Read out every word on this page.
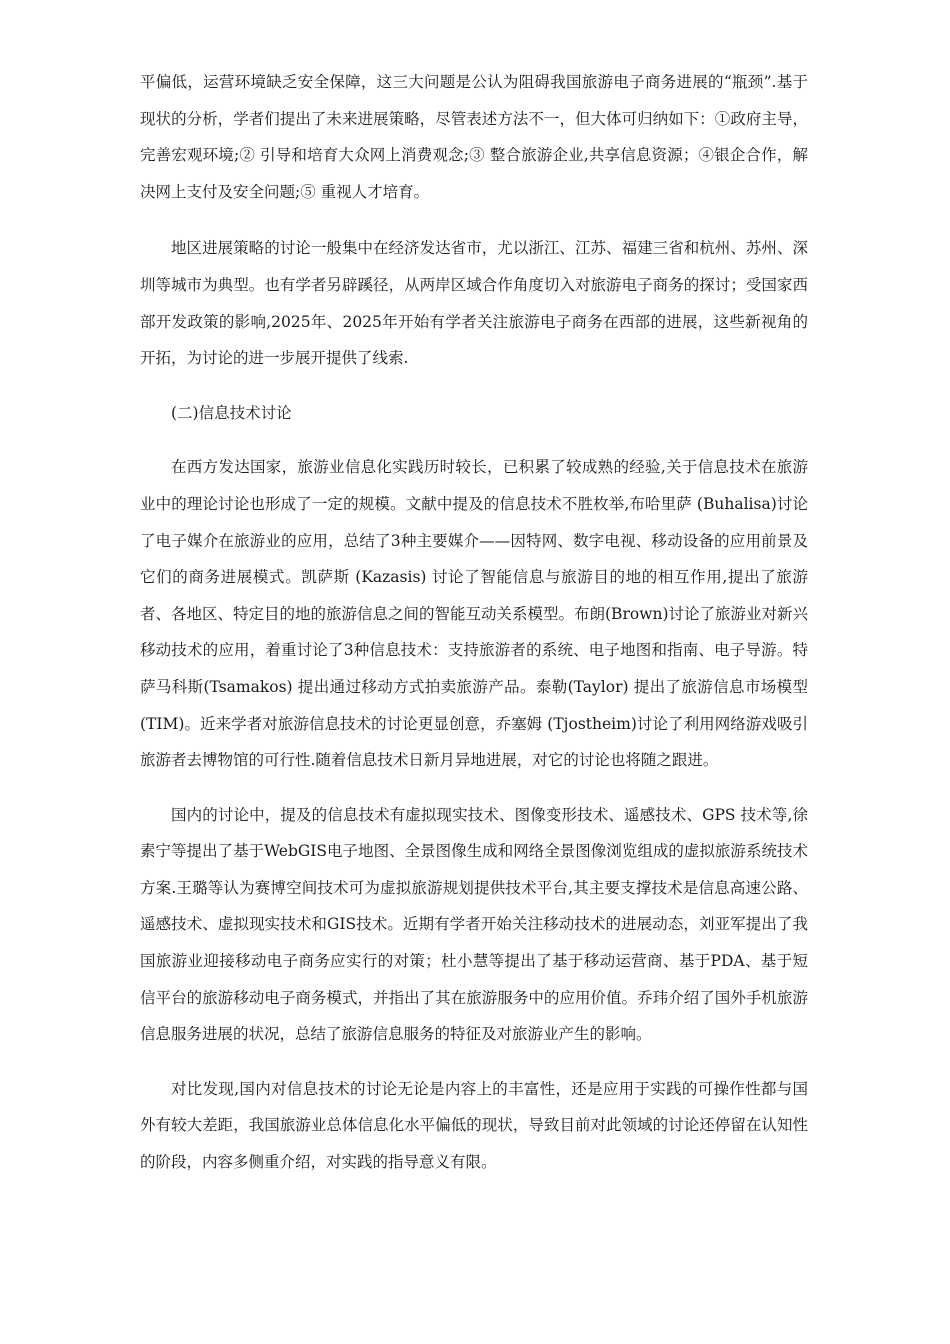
平偏低，运营环境缺乏安全保障，这三大问题是公认为阻碍我国旅游电子商务进展的“瓶颈”.基于现状的分析，学者们提出了未来进展策略，尽管表述方法不一，但大体可归纳如下：①政府主导，完善宏观环境;② 引导和培育大众网上消费观念;③ 整合旅游企业,共享信息资源；④银企合作，解决网上支付及安全问题;⑤ 重视人才培育。

地区进展策略的讨论一般集中在经济发达省市，尤以浙江、江苏、福建三省和杭州、苏州、深圳等城市为典型。也有学者另辟蹊径，从两岸区域合作角度切入对旅游电子商务的探讨；受国家西部开发政策的影响,2025年、2025年开始有学者关注旅游电子商务在西部的进展，这些新视角的开拓，为讨论的进一步展开提供了线索.

(二)信息技术讨论

在西方发达国家，旅游业信息化实践历时较长，已积累了较成熟的经验,关于信息技术在旅游业中的理论讨论也形成了一定的规模。文献中提及的信息技术不胜枚举,布哈里萨 (Buhalisa)讨论了电子媒介在旅游业的应用，总结了3种主要媒介——因特网、数字电视、移动设备的应用前景及它们的商务进展模式。凯萨斯 (Kazasis) 讨论了智能信息与旅游目的地的相互作用,提出了旅游者、各地区、特定目的地的旅游信息之间的智能互动关系模型。布朗(Brown)讨论了旅游业对新兴移动技术的应用，着重讨论了3种信息技术：支持旅游者的系统、电子地图和指南、电子导游。特萨马科斯(Tsamakos) 提出通过移动方式拍卖旅游产品。泰勒(Taylor) 提出了旅游信息市场模型 (TIM)。近来学者对旅游信息技术的讨论更显创意，乔塞姆 (Tjostheim)讨论了利用网络游戏吸引旅游者去博物馆的可行性.随着信息技术日新月异地进展，对它的讨论也将随之跟进。

国内的讨论中，提及的信息技术有虚拟现实技术、图像变形技术、遥感技术、GPS 技术等,徐素宁等提出了基于WebGIS电子地图、全景图像生成和网络全景图像浏览组成的虚拟旅游系统技术方案.王璐等认为赛博空间技术可为虚拟旅游规划提供技术平台,其主要支撑技术是信息高速公路、遥感技术、虚拟现实技术和GIS技术。近期有学者开始关注移动技术的进展动态，刘亚军提出了我国旅游业迎接移动电子商务应实行的对策；杜小慧等提出了基于移动运营商、基于PDA、基于短信平台的旅游移动电子商务模式，并指出了其在旅游服务中的应用价值。乔玮介绍了国外手机旅游信息服务进展的状况，总结了旅游信息服务的特征及对旅游业产生的影响。

对比发现,国内对信息技术的讨论无论是内容上的丰富性，还是应用于实践的可操作性都与国外有较大差距，我国旅游业总体信息化水平偏低的现状，导致目前对此领域的讨论还停留在认知性的阶段，内容多侧重介绍，对实践的指导意义有限。
